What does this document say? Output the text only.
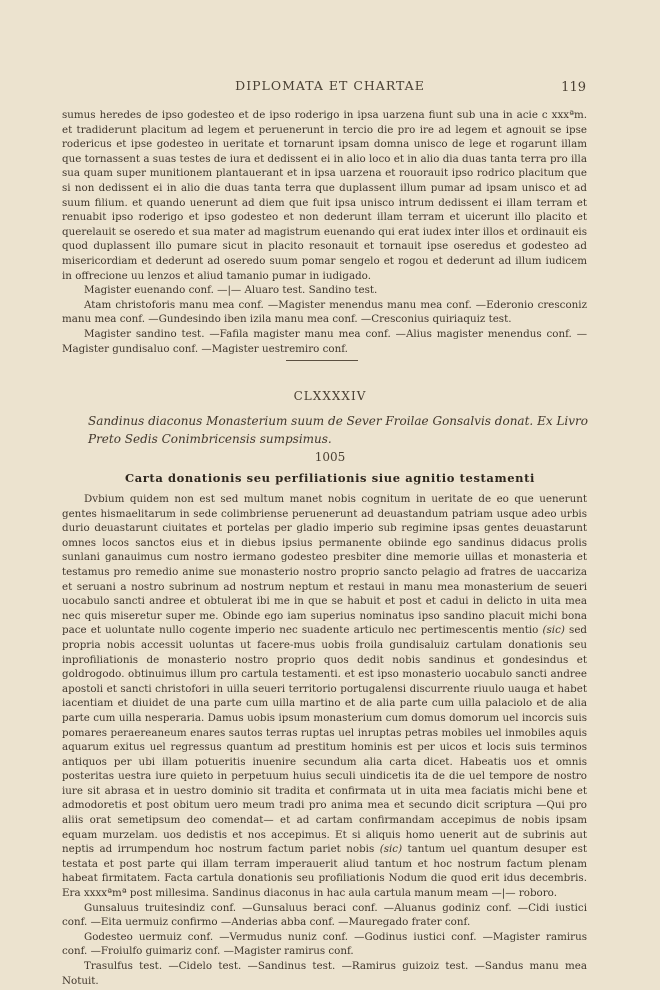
DIPLOMATA ET CHARTAE	119

sumus heredes de ipso godesteo et de ipso roderigo in ipsa uarzena fiunt sub una in acie c xxxªm. et tradiderunt placitum ad legem et peruenerunt in tercio die pro ire ad legem et agnouit se ipse rodericus et ipse godesteo in ueritate et tornarunt ipsam domna unisco de lege et rogarunt illam que tornassent a suas testes de iura et dedissent ei in alio loco et in alio dia duas tanta terra pro illa sua quam super munitionem plantauerant et in ipsa uarzena et rouorauit ipso rodrico placitum que si non dedissent ei in alio die duas tanta terra que duplassent illum pumar ad ipsam unisco et ad suum filium. et quando uenerunt ad diem que fuit ipsa unisco intrum dedissent ei illam terram et renuabit ipso roderigo et ipso godesteo et non dederunt illam terram et uicerunt illo placito et querelauit se oseredo et sua mater ad magistrum euenando qui erat iudex inter illos et ordinauit eis quod duplassent illo pumare sicut in placito resonauit et tornauit ipse oseredus et godesteo ad misericordiam et dederunt ad oseredo suum pomar sengelo et rogou et dederunt ad illum iudicem in offrecione uu lenzos et aliud tamanio pumar in iudigado.

Magister euenando conf. —|— Aluaro test. Sandino test.

Atam christoforis manu mea conf. —Magister menendus manu mea conf. —Ederonio cresconiz manu mea conf. —Gundesindo iben izila manu mea conf. —Cresconius quiriaquiz test.

Magister sandino test. —Fafila magister manu mea conf. —Alius magister menendus conf. —Magister gundisaluo conf. —Magister uestremiro conf.

CLXXXXIV
Sandinus diaconus Monasterium suum de Sever Froilae Gonsalvis donat. Ex Livro Preto Sedis Conimbricensis sumpsimus.
1005
Carta donationis seu perfiliationis siue agnitio testamenti

Dvbium quidem non est sed multum manet nobis cognitum in ueritate de eo que uenerunt gentes hismaelitarum in sede colimbriense peruenerunt ad deuastandum patriam usque adeo urbis durio deuastarunt ciuitates et portelas per gladio imperio sub regimine ipsas gentes deuastarunt omnes locos sanctos eius et in diebus ipsius permanente obiinde ego sandinus didacus prolis sunlani ganauimus cum nostro iermano godesteo presbiter dine memorie uillas et monasteria et testamus pro remedio anime sue monasterio nostro proprio sancto pelagio ad fratres de uaccariza et seruani a nostro subrinum ad nostrum neptum et restaui in manu mea monasterium de seueri uocabulo sancti andree et obtulerat ibi me in que se habuit et post et cadui in delicto in uita mea nec quis miseretur super me. Obinde ego iam superius nominatus ipso sandino placuit michi bona pace et uoluntate nullo cogente imperio nec suadente articulo nec pertimescentis mentio (sic) sed propria nobis accessit uoluntas ut facere-mus uobis froila gundisaluiz cartulam donationis seu inprofiliationis de monasterio nostro proprio quos dedit nobis sandinus et gondesindus et goldrogodo. obtinuimus illum pro cartula testamenti. et est ipso monasterio uocabulo sancti andree apostoli et sancti christofori in uilla seueri territorio portugalensi discurrente riuulo uauga et habet iacentiam et diuidet de una parte cum uilla martino et de alia parte cum uilla palaciolo et de alia parte cum uilla nesperaria. Damus uobis ipsum monasterium cum domus domorum uel incorcis suis pomares peraereaneum enares sautos terras ruptas uel inruptas petras mobiles uel inmobiles aquis aquarum exitus uel regressus quantum ad prestitum hominis est per uicos et locis suis terminos antiquos per ubi illam potueritis inuenire secundum alia carta dicet. Habeatis uos et omnis posteritas uestra iure quieto in perpetuum huius seculi uindicetis ita de die uel tempore de nostro iure sit abrasa et in uestro dominio sit tradita et confirmata ut in uita mea faciatis michi bene et admodoretis et post obitum uero meum tradi pro anima mea et secundo dicit scriptura —Qui pro aliis orat semetipsum deo comendat— et ad cartam confirmandam accepimus de nobis ipsam equam murzelam. uos dedistis et nos accepimus. Et si aliquis homo uenerit aut de subrinis aut neptis ad irrumpendum hoc nostrum factum pariet nobis (sic) tantum uel quantum desuper est testata et post parte qui illam terram imperauerit aliud tantum et hoc nostrum factum plenam habeat firmitatem. Facta cartula donationis seu profiliationis Nodum die quod erit idus decembris. Era xxxxªmª post millesima. Sandinus diaconus in hac aula cartula manum meam —|— roboro.

Gunsaluus truitesindiz conf. —Gunsaluus beraci conf. —Aluanus godiniz conf. —Cidi iustici conf. —Eita uermuiz confirmo —Anderias abba conf. —Mauregado frater conf.

Godesteo uermuiz conf. —Vermudus nuniz conf. —Godinus iustici conf. —Magister ramirus conf. —Froiulfo guimariz conf. —Magister ramirus conf.

Trasulfus test. —Cidelo test. —Sandinus test. —Ramirus guizoiz test. —Sandus manu mea Notuit.
